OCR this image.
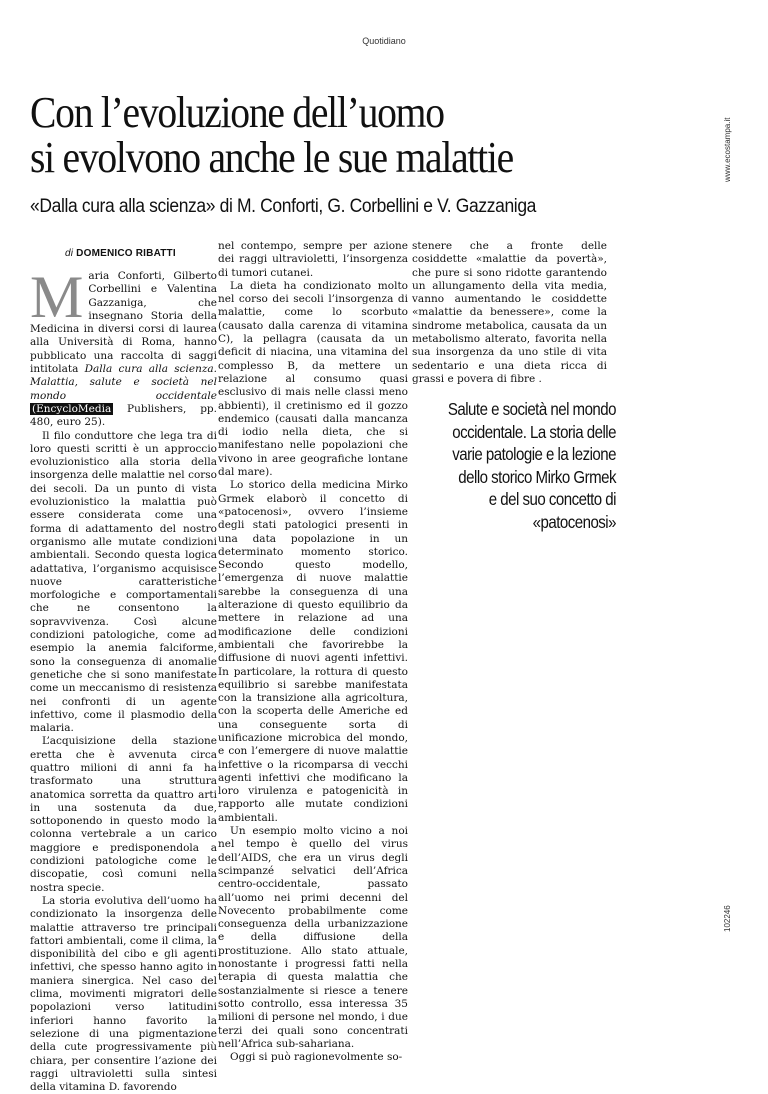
Quotidiano
www.ecostampa.it
102246
Con l’evoluzione dell’uomo
si evolvono anche le sue malattie
«Dalla cura alla scienza» di M. Conforti, G. Corbellini e V. Gazzaniga
di DOMENICO RIBATTI

Maria Conforti, Gilberto Corbellini e Valentina Gazzaniga, che insegnano Storia della Medicina in diversi corsi di laurea alla Università di Roma, hanno pubblicato una raccolta di saggi intitolata Dalla cura alla scienza. Malattia, salute e società nel mondo occidentale (EncycloMedia Publishers, pp. 480, euro 25).

Il filo conduttore che lega tra di loro questi scritti è un approccio evoluzionistico alla storia della insorgenza delle malattie nel corso dei secoli. Da un punto di vista evoluzionistico la malattia può essere considerata come una forma di adattamento del nostro organismo alle mutate condizioni ambientali. Secondo questa logica adattativa, l’organismo acquisisce nuove caratteristiche morfologiche e comportamentali che ne consentono la sopravvivenza. Così alcune condizioni patologiche, come ad esempio la anemia falciforme, sono la conseguenza di anomalie genetiche che si sono manifestate come un meccanismo di resistenza nei confronti di un agente infettivo, come il plasmodio della malaria.

L’acquisizione della stazione eretta che è avvenuta circa quattro milioni di anni fa ha trasformato una struttura anatomica sorretta da quattro arti in una sostenuta da due, sottoponendo in questo modo la colonna vertebrale a un carico maggiore e predisponendola a condizioni patologiche come le discopatie, così comuni nella nostra specie.

La storia evolutiva dell’uomo ha condizionato la insorgenza delle malattie attraverso tre principali fattori ambientali, come il clima, la disponibilità del cibo e gli agenti infettivi, che spesso hanno agito in maniera sinergica. Nel caso del clima, movimenti migratori delle popolazioni verso latitudini inferiori hanno favorito la selezione di una pigmentazione della cute progressivamente più chiara, per consentire l’azione dei raggi ultravioletti sulla sintesi della vitamina D. favorendo

nel contempo, sempre per azione dei raggi ultravioletti, l’insorgenza di tumori cutanei.

La dieta ha condizionato molto nel corso dei secoli l’insorgenza di malattie, come lo scorbuto (causato dalla carenza di vitamina C), la pellagra (causata da un deficit di niacina, una vitamina del complesso B, da mettere un relazione al consumo quasi esclusivo di mais nelle classi meno abbienti), il cretinismo ed il gozzo endemico (causati dalla mancanza di iodio nella dieta, che si manifestano nelle popolazioni che vivono in aree geografiche lontane dal mare).

Lo storico della medicina Mirko Grmek elaborò il concetto di «patocenosi», ovvero l’insieme degli stati patologici presenti in una data popolazione in un determinato momento storico. Secondo questo modello, l’emergenza di nuove malattie sarebbe la conseguenza di una alterazione di questo equilibrio da mettere in relazione ad una modificazione delle condizioni ambientali che favorirebbe la diffusione di nuovi agenti infettivi. In particolare, la rottura di questo equilibrio si sarebbe manifestata con la transizione alla agricoltura, con la scoperta delle Americhe ed una conseguente sorta di unificazione microbica del mondo, e con l’emergere di nuove malattie infettive o la ricomparsa di vecchi agenti infettivi che modificano la loro virulenza e patogenicità in rapporto alle mutate condizioni ambientali.

Un esempio molto vicino a noi nel tempo è quello del virus dell’AIDS, che era un virus degli scimpanzé selvatici dell’Africa centro-occidentale, passato all’uomo nei primi decenni del Novecento probabilmente come conseguenza della urbanizzazione e della diffusione della prostituzione. Allo stato attuale, nonostante i progressi fatti nella terapia di questa malattia che sostanzialmente si riesce a tenere sotto controllo, essa interessa 35 milioni di persone nel mondo, i due terzi dei quali sono concentrati nell’Africa sub-sahariana.

Oggi si può ragionevolmente so-

stenere che a fronte delle cosiddette «malattie da povertà», che pure si sono ridotte garantendo un allungamento della vita media, vanno aumentando le cosiddette «malattie da benessere», come la sindrome metabolica, causata da un metabolismo alterato, favorita nella sua insorgenza da uno stile di vita sedentario e una dieta ricca di grassi e povera di fibre .

Salute e società nel mondo occidentale. La storia delle varie patologie e la lezione dello storico Mirko Grmek e del suo concetto di «patocenosi»
